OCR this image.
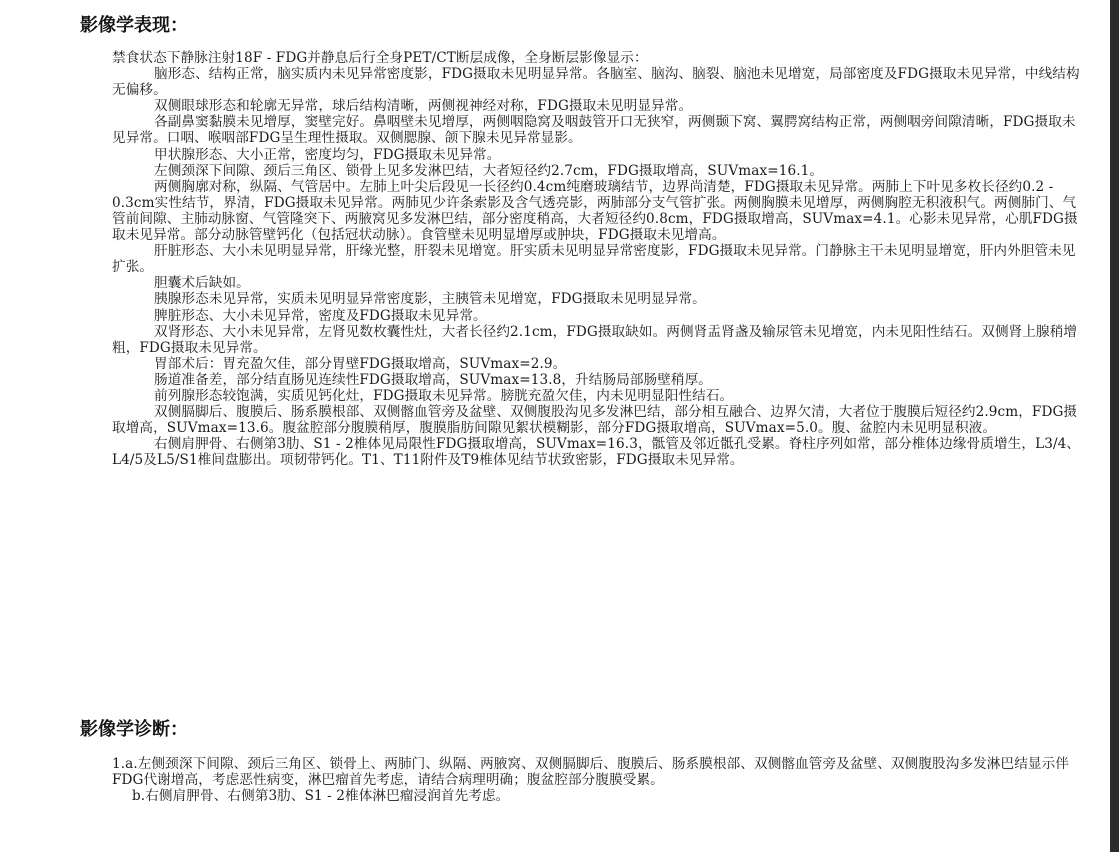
影像学表现：

禁食状态下静脉注射18F - FDG并静息后行全身PET/CT断层成像，全身断层影像显示：

脑形态、结构正常，脑实质内未见异常密度影，FDG摄取未见明显异常。各脑室、脑沟、脑裂、脑池未见增宽，局部密度及FDG摄取未见异常，中线结构无偏移。

双侧眼球形态和轮廓无异常，球后结构清晰，两侧视神经对称，FDG摄取未见明显异常。

各副鼻窦黏膜未见增厚，窦壁完好。鼻咽壁未见增厚，两侧咽隐窝及咽鼓管开口无狭窄，两侧颞下窝、翼腭窝结构正常，两侧咽旁间隙清晰，FDG摄取未见异常。口咽、喉咽部FDG呈生理性摄取。双侧腮腺、颌下腺未见异常显影。

甲状腺形态、大小正常，密度均匀，FDG摄取未见异常。

左侧颈深下间隙、颈后三角区、锁骨上见多发淋巴结，大者短径约2.7cm，FDG摄取增高，SUVmax=16.1。

两侧胸廓对称，纵隔、气管居中。左肺上叶尖后段见一长径约0.4cm纯磨玻璃结节，边界尚清楚，FDG摄取未见异常。两肺上下叶见多枚长径约0.2 - 0.3cm实性结节，界清，FDG摄取未见异常。两肺见少许条索影及含气透亮影，两肺部分支气管扩张。两侧胸膜未见增厚，两侧胸腔无积液积气。两侧肺门、气管前间隙、主肺动脉窗、气管隆突下、两腋窝见多发淋巴结，部分密度稍高，大者短径约0.8cm，FDG摄取增高，SUVmax=4.1。心影未见异常，心肌FDG摄取未见异常。部分动脉管壁钙化（包括冠状动脉）。食管壁未见明显增厚或肿块，FDG摄取未见增高。

肝脏形态、大小未见明显异常，肝缘光整，肝裂未见增宽。肝实质未见明显异常密度影，FDG摄取未见异常。门静脉主干未见明显增宽，肝内外胆管未见扩张。

胆囊术后缺如。

胰腺形态未见异常，实质未见明显异常密度影，主胰管未见增宽，FDG摄取未见明显异常。

脾脏形态、大小未见异常，密度及FDG摄取未见异常。

双肾形态、大小未见异常，左肾见数枚囊性灶，大者长径约2.1cm，FDG摄取缺如。两侧肾盂肾盏及输尿管未见增宽，内未见阳性结石。双侧肾上腺稍增粗，FDG摄取未见异常。

胃部术后：胃充盈欠佳，部分胃壁FDG摄取增高，SUVmax=2.9。

肠道准备差，部分结直肠见连续性FDG摄取增高，SUVmax=13.8，升结肠局部肠壁稍厚。

前列腺形态较饱满，实质见钙化灶，FDG摄取未见异常。膀胱充盈欠佳，内未见明显阳性结石。

双侧膈脚后、腹膜后、肠系膜根部、双侧髂血管旁及盆壁、双侧腹股沟见多发淋巴结，部分相互融合、边界欠清，大者位于腹膜后短径约2.9cm，FDG摄取增高，SUVmax=13.6。腹盆腔部分腹膜稍厚，腹膜脂肪间隙见絮状模糊影，部分FDG摄取增高，SUVmax=5.0。腹、盆腔内未见明显积液。

右侧肩胛骨、右侧第3肋、S1 - 2椎体见局限性FDG摄取增高，SUVmax=16.3，骶管及邻近骶孔受累。脊柱序列如常，部分椎体边缘骨质增生，L3/4、L4/5及L5/S1椎间盘膨出。项韧带钙化。T1、T11附件及T9椎体见结节状致密影，FDG摄取未见异常。

影像学诊断：

1.a.左侧颈深下间隙、颈后三角区、锁骨上、两肺门、纵隔、两腋窝、双侧膈脚后、腹膜后、肠系膜根部、双侧髂血管旁及盆壁、双侧腹股沟多发淋巴结显示伴FDG代谢增高，考虑恶性病变，淋巴瘤首先考虑，请结合病理明确；腹盆腔部分腹膜受累。

b.右侧肩胛骨、右侧第3肋、S1 - 2椎体淋巴瘤浸润首先考虑。
